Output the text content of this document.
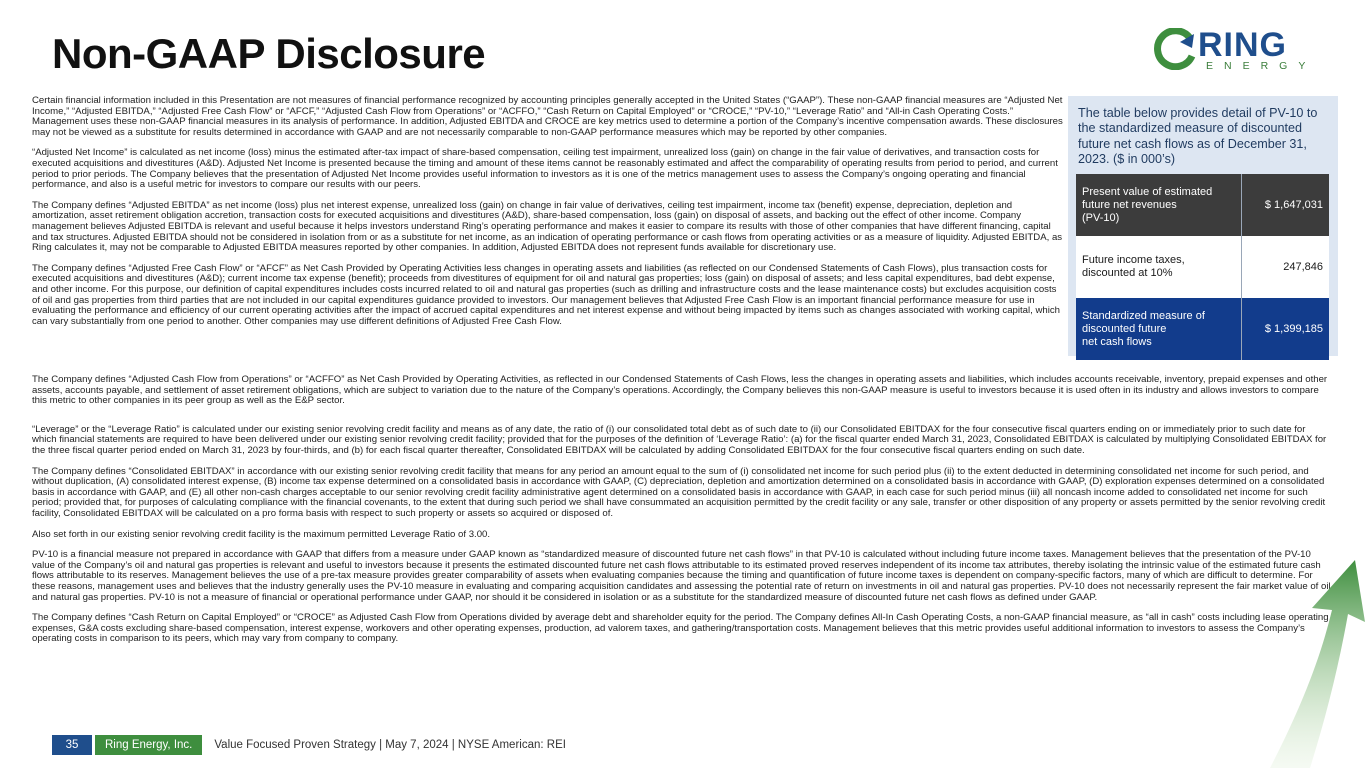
Non-GAAP Disclosure	RING
ENERGY

Certain financial information included in this Presentation are not measures of financial performance recognized by accounting principles generally accepted in the United States (“GAAP”). These non-GAAP financial measures are “Adjusted Net Income,” “Adjusted EBITDA,” “Adjusted Free Cash Flow” or “AFCF,” “Adjusted Cash Flow from Operations” or “ACFFO,” “Cash Return on Capital Employed” or “CROCE,” “PV-10,” “Leverage Ratio” and “All-in Cash Operating Costs.” Management uses these non-GAAP financial measures in its analysis of performance. In addition, Adjusted EBITDA and CROCE are key metrics used to determine a portion of the Company’s incentive compensation awards. These disclosures may not be viewed as a substitute for results determined in accordance with GAAP and are not necessarily comparable to non-GAAP performance measures which may be reported by other companies.

“Adjusted Net Income” is calculated as net income (loss) minus the estimated after-tax impact of share-based compensation, ceiling test impairment, unrealized loss (gain) on change in the fair value of derivatives, and transaction costs for executed acquisitions and divestitures (A&D). Adjusted Net Income is presented because the timing and amount of these items cannot be reasonably estimated and affect the comparability of operating results from period to period, and current period to prior periods. The Company believes that the presentation of Adjusted Net Income provides useful information to investors as it is one of the metrics management uses to assess the Company’s ongoing operating and financial performance, and also is a useful metric for investors to compare our results with our peers.

The Company defines “Adjusted EBITDA” as net income (loss) plus net interest expense, unrealized loss (gain) on change in fair value of derivatives, ceiling test impairment, income tax (benefit) expense, depreciation, depletion and amortization, asset retirement obligation accretion, transaction costs for executed acquisitions and divestitures (A&D), share-based compensation, loss (gain) on disposal of assets, and backing out the effect of other income. Company management believes Adjusted EBITDA is relevant and useful because it helps investors understand Ring’s operating performance and makes it easier to compare its results with those of other companies that have different financing, capital and tax structures. Adjusted EBITDA should not be considered in isolation from or as a substitute for net income, as an indication of operating performance or cash flows from operating activities or as a measure of liquidity. Adjusted EBITDA, as Ring calculates it, may not be comparable to Adjusted EBITDA measures reported by other companies. In addition, Adjusted EBITDA does not represent funds available for discretionary use.

The Company defines “Adjusted Free Cash Flow” or “AFCF” as Net Cash Provided by Operating Activities less changes in operating assets and liabilities (as reflected on our Condensed Statements of Cash Flows), plus transaction costs for executed acquisitions and divestitures (A&D); current income tax expense (benefit); proceeds from divestitures of equipment for oil and natural gas properties; loss (gain) on disposal of assets; and less capital expenditures, bad debt expense, and other income. For this purpose, our definition of capital expenditures includes costs incurred related to oil and natural gas properties (such as drilling and infrastructure costs and the lease maintenance costs) but excludes acquisition costs of oil and gas properties from third parties that are not included in our capital expenditures guidance provided to investors. Our management believes that Adjusted Free Cash Flow is an important financial performance measure for use in evaluating the performance and efficiency of our current operating activities after the impact of accrued capital expenditures and net interest expense and without being impacted by items such as changes associated with working capital, which can vary substantially from one period to another. Other companies may use different definitions of Adjusted Free Cash Flow.

The table below provides detail of PV-10 to the standardized measure of discounted future net cash flows as of December 31, 2023. ($ in 000’s)
Present value of estimated
future net revenues
(PV-10)	$ 1,647,031
Future income taxes,
discounted at 10%	247,846
Standardized measure of
discounted future
net cash flows	$ 1,399,185

The Company defines “Adjusted Cash Flow from Operations” or “ACFFO” as Net Cash Provided by Operating Activities, as reflected in our Condensed Statements of Cash Flows, less the changes in operating assets and liabilities, which includes accounts receivable, inventory, prepaid expenses and other assets, accounts payable, and settlement of asset retirement obligations, which are subject to variation due to the nature of the Company’s operations. Accordingly, the Company believes this non-GAAP measure is useful to investors because it is used often in its industry and allows investors to compare this metric to other companies in its peer group as well as the E&P sector.

“Leverage” or the “Leverage Ratio” is calculated under our existing senior revolving credit facility and means as of any date, the ratio of (i) our consolidated total debt as of such date to (ii) our Consolidated EBITDAX for the four consecutive fiscal quarters ending on or immediately prior to such date for which financial statements are required to have been delivered under our existing senior revolving credit facility; provided that for the purposes of the definition of ‘Leverage Ratio’: (a) for the fiscal quarter ended March 31, 2023, Consolidated EBITDAX is calculated by multiplying Consolidated EBITDAX for the three fiscal quarter period ended on March 31, 2023 by four-thirds, and (b) for each fiscal quarter thereafter, Consolidated EBITDAX will be calculated by adding Consolidated EBITDAX for the four consecutive fiscal quarters ending on such date.

The Company defines “Consolidated EBITDAX” in accordance with our existing senior revolving credit facility that means for any period an amount equal to the sum of (i) consolidated net income for such period plus (ii) to the extent deducted in determining consolidated net income for such period, and without duplication, (A) consolidated interest expense, (B) income tax expense determined on a consolidated basis in accordance with GAAP, (C) depreciation, depletion and amortization determined on a consolidated basis in accordance with GAAP, (D) exploration expenses determined on a consolidated basis in accordance with GAAP, and (E) all other non-cash charges acceptable to our senior revolving credit facility administrative agent determined on a consolidated basis in accordance with GAAP, in each case for such period minus (iii) all noncash income added to consolidated net income for such period; provided that, for purposes of calculating compliance with the financial covenants, to the extent that during such period we shall have consummated an acquisition permitted by the credit facility or any sale, transfer or other disposition of any property or assets permitted by the senior revolving credit facility, Consolidated EBITDAX will be calculated on a pro forma basis with respect to such property or assets so acquired or disposed of.

Also set forth in our existing senior revolving credit facility is the maximum permitted Leverage Ratio of 3.00.

PV-10 is a financial measure not prepared in accordance with GAAP that differs from a measure under GAAP known as “standardized measure of discounted future net cash flows” in that PV-10 is calculated without including future income taxes. Management believes that the presentation of the PV-10 value of the Company’s oil and natural gas properties is relevant and useful to investors because it presents the estimated discounted future net cash flows attributable to its estimated proved reserves independent of its income tax attributes, thereby isolating the intrinsic value of the estimated future cash flows attributable to its reserves. Management believes the use of a pre-tax measure provides greater comparability of assets when evaluating companies because the timing and quantification of future income taxes is dependent on company-specific factors, many of which are difficult to determine. For these reasons, management uses and believes that the industry generally uses the PV-10 measure in evaluating and comparing acquisition candidates and assessing the potential rate of return on investments in oil and natural gas properties. PV-10 does not necessarily represent the fair market value of oil and natural gas properties. PV-10 is not a measure of financial or operational performance under GAAP, nor should it be considered in isolation or as a substitute for the standardized measure of discounted future net cash flows as defined under GAAP.

The Company defines “Cash Return on Capital Employed” or “CROCE” as Adjusted Cash Flow from Operations divided by average debt and shareholder equity for the period. The Company defines All-In Cash Operating Costs, a non-GAAP financial measure, as “all in cash” costs including lease operating expenses, G&A costs excluding share-based compensation, interest expense, workovers and other operating expenses, production, ad valorem taxes, and gathering/transportation costs. Management believes that this metric provides useful additional information to investors to assess the Company’s operating costs in comparison to its peers, which may vary from company to company.

35	Ring Energy, Inc.	Value Focused Proven Strategy | May 7, 2024 | NYSE American: REI
